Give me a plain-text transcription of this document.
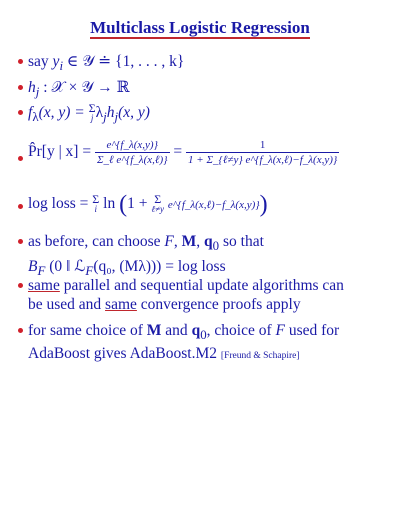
Multiclass Logistic Regression
say $y_i$ ∈ 𝒴 ≐ {1, . . . , k}
$h_j$ : 𝒳 × 𝒴 → ℝ
$f_\lambda(x$, y) = Σ
j $\lambda_jh_j(x$, y)
P̂r[y | $x] = \frac{e\^{}\{f\_\lambda(x,y)\}}{\text{Σ\_ℓ e\textasciicircum{}\{f\_λ(x,ℓ)\}}} = \frac{1}{\text{1 + Σ\_\{ℓ≠y\} e\textasciicircum{}\{f\_λ(x,ℓ)−f\_λ(x,y)\}}}$
log loss = Σ
i ln (1 + Σ
ℓ≠y e^{f_λ(x,ℓ)−f_λ(x,y)})
as before, can choose F, M, $q_0$ so that
$B_F$ (0 ‖ ℒ$_F$(q₀, (Mλ))) = log loss
same parallel and sequential update algorithms can
be used and same convergence proofs apply
for same choice of M and $q_0$, choice of F used for
AdaBoost gives AdaBoost.M2 [Freund & Schapire]
